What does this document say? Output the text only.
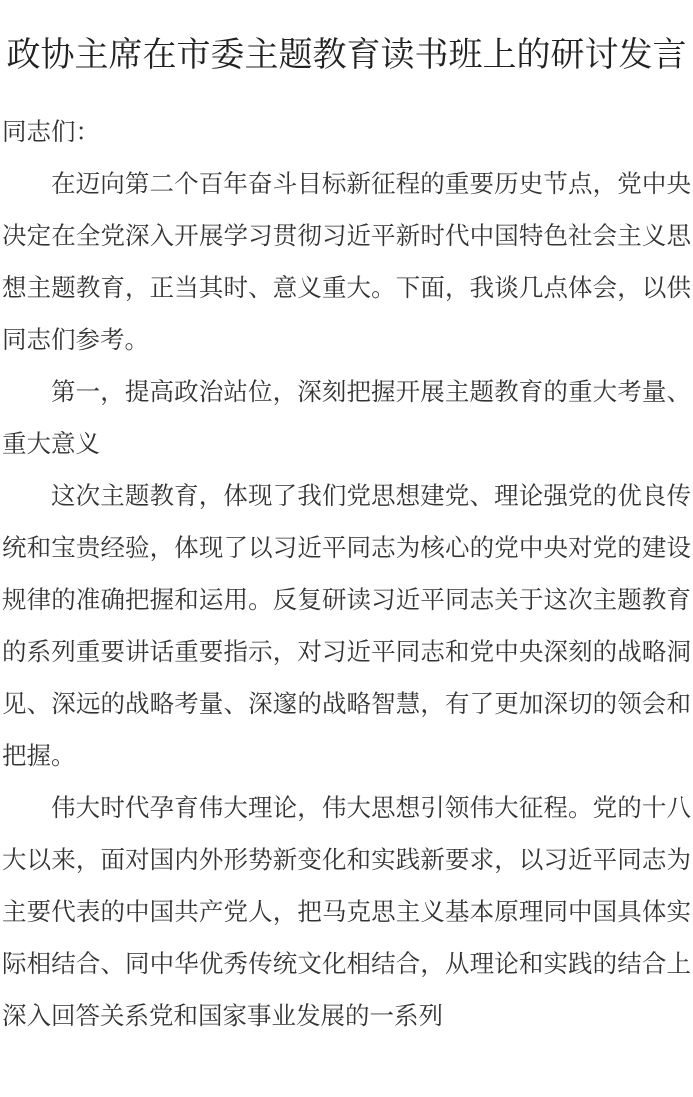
政协主席在市委主题教育读书班上的研讨发言

同志们：

在迈向第二个百年奋斗目标新征程的重要历史节点，党中央决定在全党深入开展学习贯彻习近平新时代中国特色社会主义思想主题教育，正当其时、意义重大。下面，我谈几点体会，以供同志们参考。

第一，提高政治站位，深刻把握开展主题教育的重大考量、重大意义

这次主题教育，体现了我们党思想建党、理论强党的优良传统和宝贵经验，体现了以习近平同志为核心的党中央对党的建设规律的准确把握和运用。反复研读习近平同志关于这次主题教育的系列重要讲话重要指示，对习近平同志和党中央深刻的战略洞见、深远的战略考量、深邃的战略智慧，有了更加深切的领会和把握。

伟大时代孕育伟大理论，伟大思想引领伟大征程。党的十八大以来，面对国内外形势新变化和实践新要求，以习近平同志为主要代表的中国共产党人，把马克思主义基本原理同中国具体实际相结合、同中华优秀传统文化相结合，从理论和实践的结合上深入回答关系党和国家事业发展的一系列
